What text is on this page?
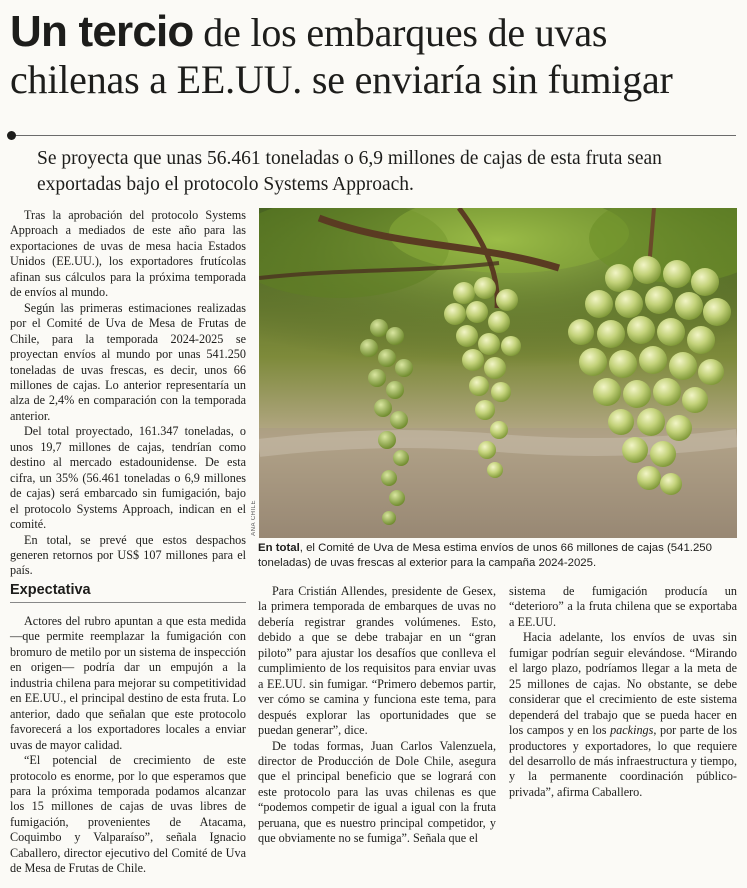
Un tercio de los embarques de uvas chilenas a EE.UU. se enviaría sin fumigar
Se proyecta que unas 56.461 toneladas o 6,9 millones de cajas de esta fruta sean exportadas bajo el protocolo Systems Approach.

Tras la aprobación del protocolo Systems Approach a mediados de este año para las exportaciones de uvas de mesa hacia Estados Unidos (EE.UU.), los exportadores frutícolas afinan sus cálculos para la próxima temporada de envíos al mundo.

Según las primeras estimaciones realizadas por el Comité de Uva de Mesa de Frutas de Chile, para la temporada 2024-2025 se proyectan envíos al mundo por unas 541.250 toneladas de uvas frescas, es decir, unos 66 millones de cajas. Lo anterior representaría un alza de 2,4% en comparación con la temporada anterior.

Del total proyectado, 161.347 toneladas, o unos 19,7 millones de cajas, tendrían como destino al mercado estadounidense. De esta cifra, un 35% (56.461 toneladas o 6,9 millones de cajas) será embarcado sin fumigación, bajo el protocolo Systems Approach, indican en el comité.

En total, se prevé que estos despachos generen retornos por US$ 107 millones para el país.

ANA CHILE
En total, el Comité de Uva de Mesa estima envíos de unos 66 millones de cajas (541.250 toneladas) de uvas frescas al exterior para la campaña 2024-2025.
Expectativa

Actores del rubro apuntan a que esta medida —que permite reemplazar la fumigación con bromuro de metilo por un sistema de inspección en origen— podría dar un empujón a la industria chilena para mejorar su competitividad en EE.UU., el principal destino de esta fruta. Lo anterior, dado que señalan que este protocolo favorecerá a los exportadores locales a enviar uvas de mayor calidad.

“El potencial de crecimiento de este protocolo es enorme, por lo que esperamos que para la próxima temporada podamos alcanzar los 15 millones de cajas de uvas libres de fumigación, provenientes de Atacama, Coquimbo y Valparaíso”, señala Ignacio Caballero, director ejecutivo del Comité de Uva de Mesa de Frutas de Chile.

Para Cristián Allendes, presidente de Gesex, la primera temporada de embarques de uvas no debería registrar grandes volúmenes. Esto, debido a que se debe trabajar en un “gran piloto” para ajustar los desafíos que conlleva el cumplimiento de los requisitos para enviar uvas a EE.UU. sin fumigar. “Primero debemos partir, ver cómo se camina y funciona este tema, para después explorar las oportunidades que se puedan generar”, dice.

De todas formas, Juan Carlos Valenzuela, director de Producción de Dole Chile, asegura que el principal beneficio que se logrará con este protocolo para las uvas chilenas es que “podemos competir de igual a igual con la fruta peruana, que es nuestro principal competidor, y que obviamente no se fumiga”. Señala que el

sistema de fumigación producía un “deterioro” a la fruta chilena que se exportaba a EE.UU.

Hacia adelante, los envíos de uvas sin fumigar podrían seguir elevándose. “Mirando el largo plazo, podríamos llegar a la meta de 25 millones de cajas. No obstante, se debe considerar que el crecimiento de este sistema dependerá del trabajo que se pueda hacer en los campos y en los packings, por parte de los productores y exportadores, lo que requiere del desarrollo de más infraestructura y tiempo, y la permanente coordinación público-privada”, afirma Caballero.
